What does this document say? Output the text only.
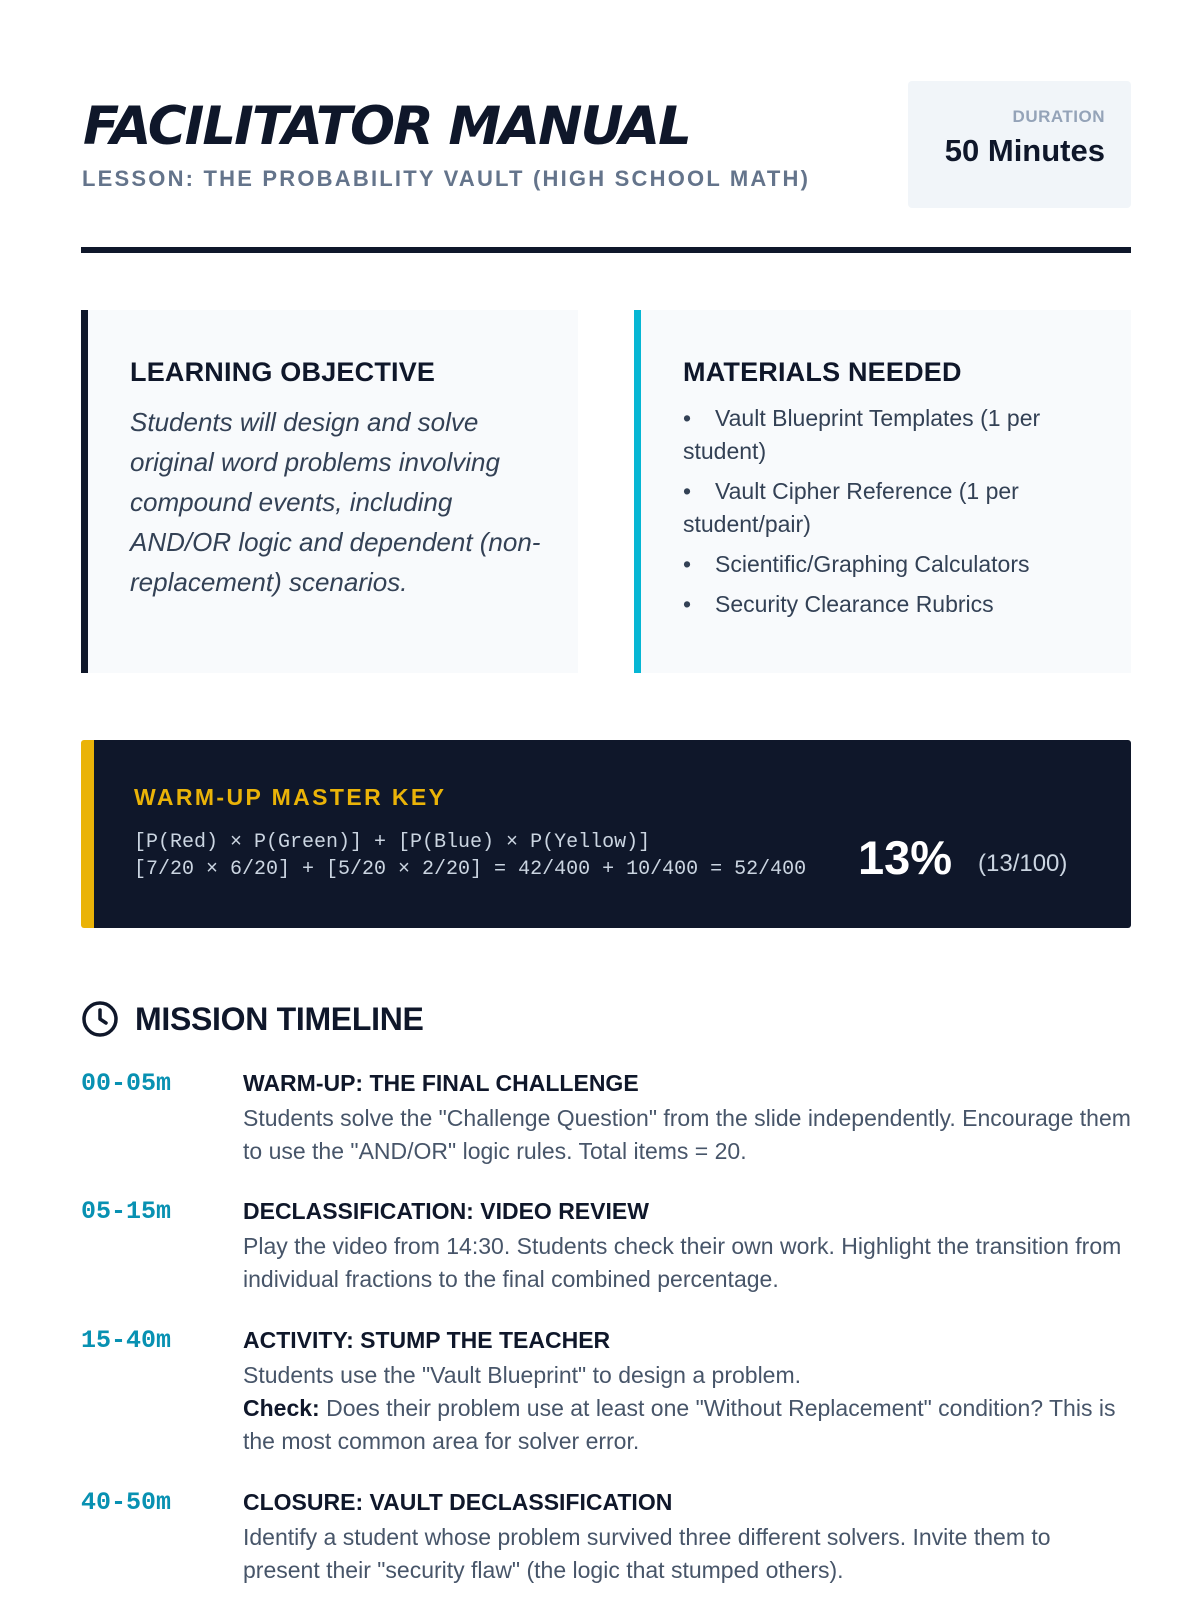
FACILITATOR MANUAL
LESSON: THE PROBABILITY VAULT (HIGH SCHOOL MATH)
DURATION
50 Minutes
LEARNING OBJECTIVE

Students will design and solve original word problems involving compound events, including AND/OR logic and dependent (non-replacement) scenarios.

MATERIALS NEEDED
• Vault Blueprint Templates (1 per student)
• Vault Cipher Reference (1 per student/pair)
• Scientific/Graphing Calculators
• Security Clearance Rubrics
WARM-UP MASTER KEY
[P(Red) × P(Green)] + [P(Blue) × P(Yellow)]
[7/20 × 6/20] + [5/20 × 2/20] = 42/400 + 10/400 = 52/400 13% (13/100)
MISSION TIMELINE
00-05m	WARM-UP: THE FINAL CHALLENGE
Students solve the "Challenge Question" from the slide independently. Encourage them to use the "AND/OR" logic rules. Total items = 20.
05-15m	DECLASSIFICATION: VIDEO REVIEW
Play the video from 14:30. Students check their own work. Highlight the transition from individual fractions to the final combined percentage.
15-40m	ACTIVITY: STUMP THE TEACHER
Students use the "Vault Blueprint" to design a problem.
Check: Does their problem use at least one "Without Replacement" condition? This is the most common area for solver error.
40-50m	CLOSURE: VAULT DECLASSIFICATION
Identify a student whose problem survived three different solvers. Invite them to present their "security flaw" (the logic that stumped others).
